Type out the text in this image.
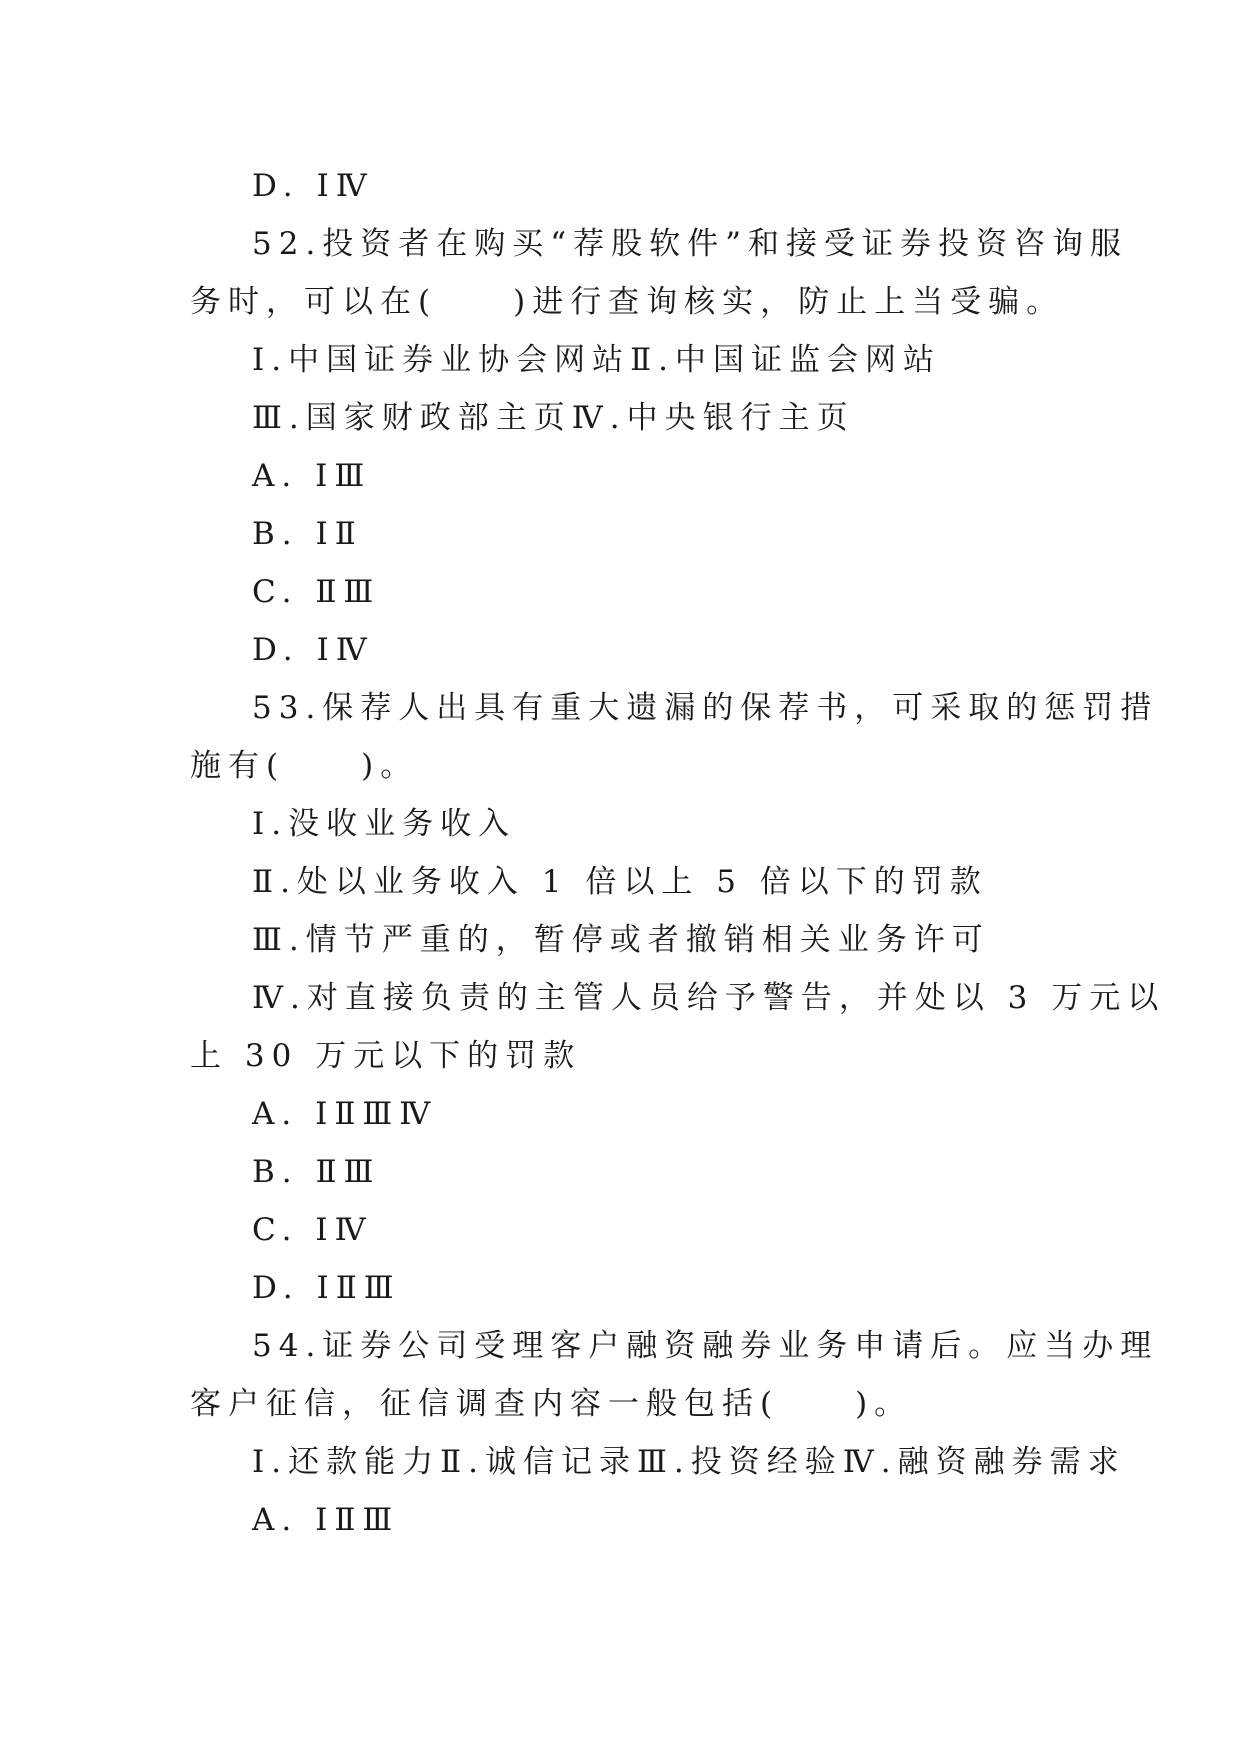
D. ⅠⅣ
52.投资者在购买“荐股软件”和接受证券投资咨询服
务时，可以在(　　)进行查询核实，防止上当受骗。
Ⅰ.中国证券业协会网站Ⅱ.中国证监会网站
Ⅲ.国家财政部主页Ⅳ.中央银行主页
A. ⅠⅢ
B. ⅠⅡ
C. ⅡⅢ
D. ⅠⅣ
53.保荐人出具有重大遗漏的保荐书，可采取的惩罚措
施有(　　)。
Ⅰ.没收业务收入
Ⅱ.处以业务收入 1 倍以上 5 倍以下的罚款
Ⅲ.情节严重的，暂停或者撤销相关业务许可
Ⅳ.对直接负责的主管人员给予警告，并处以 3 万元以
上 30 万元以下的罚款
A. ⅠⅡⅢⅣ
B. ⅡⅢ
C. ⅠⅣ
D. ⅠⅡⅢ
54.证券公司受理客户融资融券业务申请后。应当办理
客户征信，征信调查内容一般包括(　　)。
Ⅰ.还款能力Ⅱ.诚信记录Ⅲ.投资经验Ⅳ.融资融券需求
A. ⅠⅡⅢ
